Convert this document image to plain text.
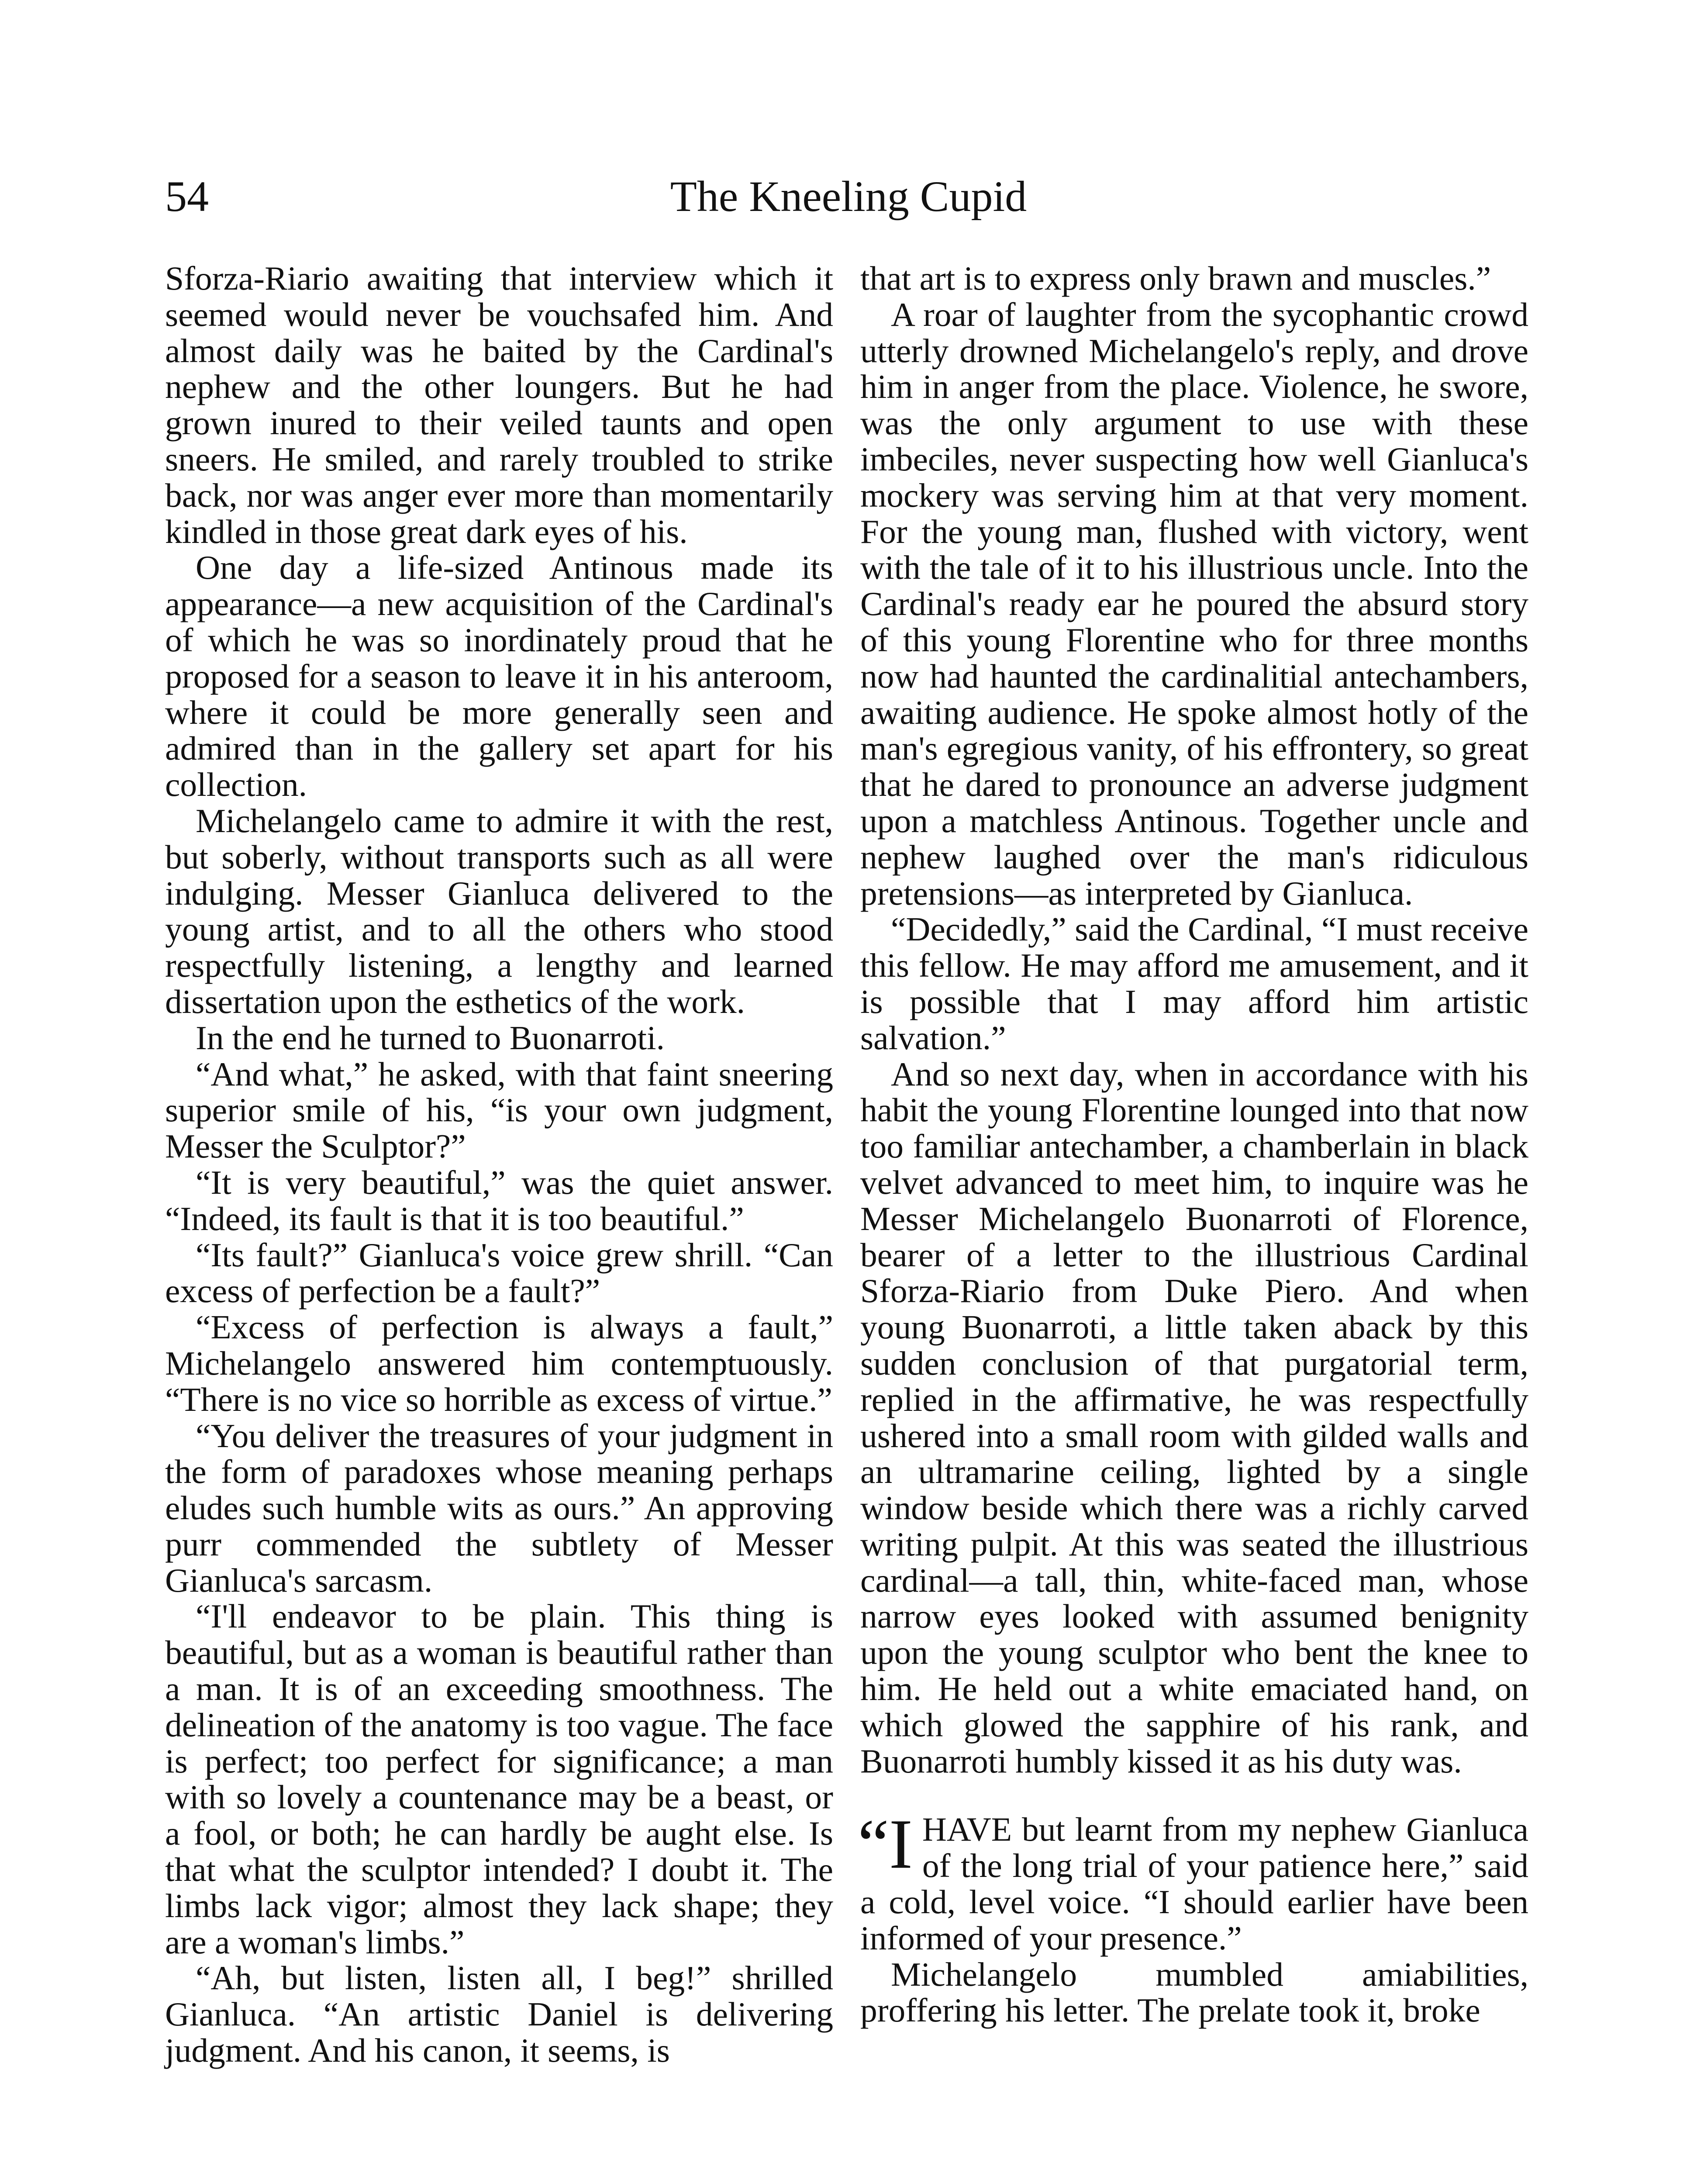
54	The Kneeling Cupid

Sforza-Riario awaiting that interview which it seemed would never be vouchsafed him. And almost daily was he baited by the Cardinal's nephew and the other loungers. But he had grown inured to their veiled taunts and open sneers. He smiled, and rarely troubled to strike back, nor was anger ever more than momentarily kindled in those great dark eyes of his.

One day a life-sized Antinous made its appearance—a new acquisition of the Cardinal's of which he was so inordinately proud that he proposed for a season to leave it in his anteroom, where it could be more generally seen and admired than in the gallery set apart for his collection.

Michelangelo came to admire it with the rest, but soberly, without transports such as all were indulging. Messer Gianluca delivered to the young artist, and to all the others who stood respectfully listening, a lengthy and learned dissertation upon the esthetics of the work.

In the end he turned to Buonarroti.

“And what,” he asked, with that faint sneering superior smile of his, “is your own judgment, Messer the Sculptor?”

“It is very beautiful,” was the quiet answer. “Indeed, its fault is that it is too beautiful.”

“Its fault?” Gianluca's voice grew shrill. “Can excess of perfection be a fault?”

“Excess of perfection is always a fault,” Michelangelo answered him contemptuously. “There is no vice so horrible as excess of virtue.”

“You deliver the treasures of your judgment in the form of paradoxes whose meaning perhaps eludes such humble wits as ours.” An approving purr commended the subtlety of Messer Gianluca's sarcasm.

“I'll endeavor to be plain. This thing is beautiful, but as a woman is beautiful rather than a man. It is of an exceeding smoothness. The delineation of the anatomy is too vague. The face is perfect; too perfect for significance; a man with so lovely a countenance may be a beast, or a fool, or both; he can hardly be aught else. Is that what the sculptor intended? I doubt it. The limbs lack vigor; almost they lack shape; they are a woman's limbs.”

“Ah, but listen, listen all, I beg!” shrilled Gianluca. “An artistic Daniel is delivering judgment. And his canon, it seems, is

that art is to express only brawn and muscles.”

A roar of laughter from the sycophantic crowd utterly drowned Michelangelo's reply, and drove him in anger from the place. Violence, he swore, was the only argument to use with these imbeciles, never suspecting how well Gianluca's mockery was serving him at that very moment. For the young man, flushed with victory, went with the tale of it to his illustrious uncle. Into the Cardinal's ready ear he poured the absurd story of this young Florentine who for three months now had haunted the cardinalitial antechambers, awaiting audience. He spoke almost hotly of the man's egregious vanity, of his effrontery, so great that he dared to pronounce an adverse judgment upon a matchless Antinous. Together uncle and nephew laughed over the man's ridiculous pretensions—as interpreted by Gianluca.

“Decidedly,” said the Cardinal, “I must receive this fellow. He may afford me amusement, and it is possible that I may afford him artistic salvation.”

And so next day, when in accordance with his habit the young Florentine lounged into that now too familiar antechamber, a chamberlain in black velvet advanced to meet him, to inquire was he Messer Michelangelo Buonarroti of Florence, bearer of a letter to the illustrious Cardinal Sforza-Riario from Duke Piero. And when young Buonarroti, a little taken aback by this sudden conclusion of that purgatorial term, replied in the affirmative, he was respectfully ushered into a small room with gilded walls and an ultramarine ceiling, lighted by a single window beside which there was a richly carved writing pulpit. At this was seated the illustrious cardinal—a tall, thin, white-faced man, whose narrow eyes looked with assumed benignity upon the young sculptor who bent the knee to him. He held out a white emaciated hand, on which glowed the sapphire of his rank, and Buonarroti humbly kissed it as his duty was.

“I HAVE but learnt from my nephew Gianluca of the long trial of your patience here,” said a cold, level voice. “I should earlier have been informed of your presence.”

Michelangelo mumbled amiabilities, proffering his letter. The prelate took it, broke
